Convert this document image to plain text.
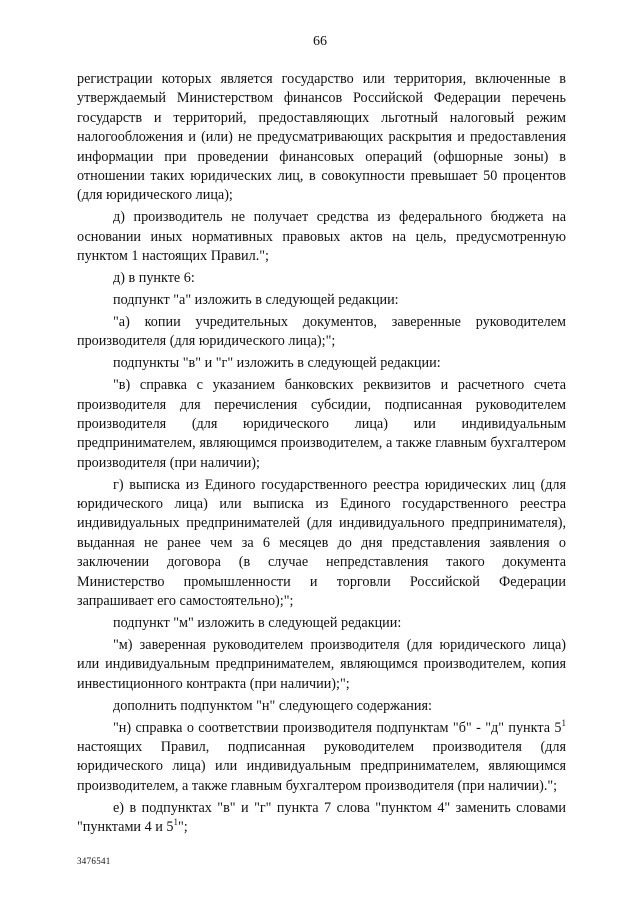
66

регистрации которых является государство или территория, включенные в утверждаемый Министерством финансов Российской Федерации перечень государств и территорий, предоставляющих льготный налоговый режим налогообложения и (или) не предусматривающих раскрытия и предоставления информации при проведении финансовых операций (офшорные зоны) в отношении таких юридических лиц, в совокупности превышает 50 процентов (для юридического лица);

д) производитель не получает средства из федерального бюджета на основании иных нормативных правовых актов на цель, предусмотренную пунктом 1 настоящих Правил.";

д) в пункте 6:

подпункт "а" изложить в следующей редакции:

"а) копии учредительных документов, заверенные руководителем производителя (для юридического лица);";

подпункты "в" и "г" изложить в следующей редакции:

"в) справка с указанием банковских реквизитов и расчетного счета производителя для перечисления субсидии, подписанная руководителем производителя (для юридического лица) или индивидуальным предпринимателем, являющимся производителем, а также главным бухгалтером производителя (при наличии);

г) выписка из Единого государственного реестра юридических лиц (для юридического лица) или выписка из Единого государственного реестра индивидуальных предпринимателей (для индивидуального предпринимателя), выданная не ранее чем за 6 месяцев до дня представления заявления о заключении договора (в случае непредставления такого документа Министерство промышленности и торговли Российской Федерации запрашивает его самостоятельно);";

подпункт "м" изложить в следующей редакции:

"м) заверенная руководителем производителя (для юридического лица) или индивидуальным предпринимателем, являющимся производителем, копия инвестиционного контракта (при наличии);";

дополнить подпунктом "н" следующего содержания:

"н) справка о соответствии производителя подпунктам "б" - "д" пункта $5^1$ настоящих Правил, подписанная руководителем производителя (для юридического лица) или индивидуальным предпринимателем, являющимся производителем, а также главным бухгалтером производителя (при наличии).";

е) в подпунктах "в" и "г" пункта 7 слова "пунктом 4" заменить словами "пунктами 4 и $5^1$";

3476541
